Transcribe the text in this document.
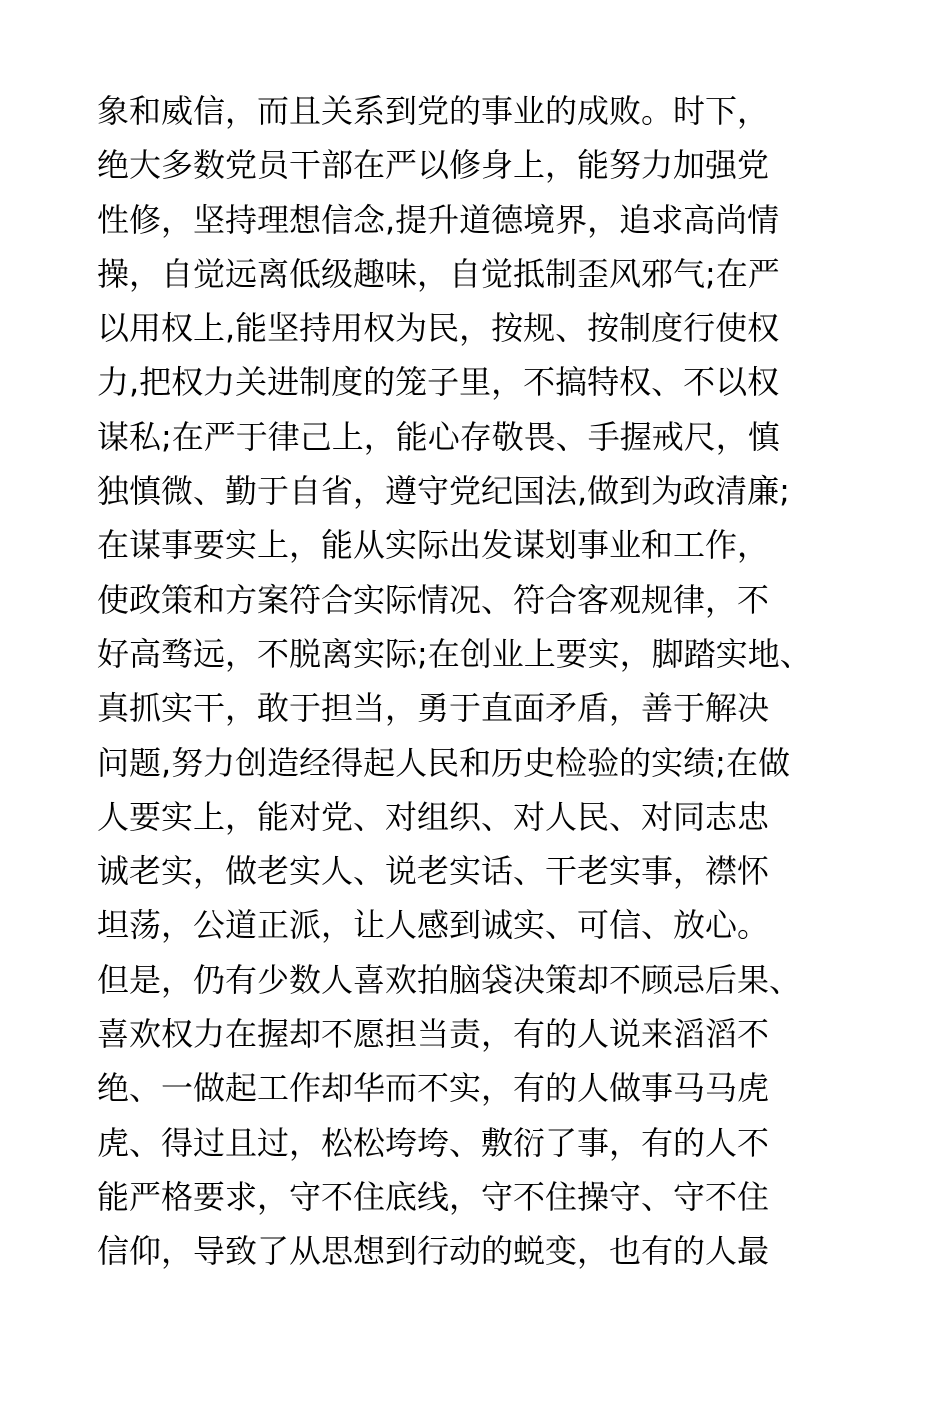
象和威信，而且关系到党的事业的成败。时下，
绝大多数党员干部在严以修身上，能努力加强党
性修，坚持理想信念,提升道德境界，追求高尚情
操，自觉远离低级趣味，自觉抵制歪风邪气;在严
以用权上,能坚持用权为民，按规、按制度行使权
力,把权力关进制度的笼子里，不搞特权、不以权
谋私;在严于律己上，能心存敬畏、手握戒尺，慎
独慎微、勤于自省，遵守党纪国法,做到为政清廉;
在谋事要实上，能从实际出发谋划事业和工作，
使政策和方案符合实际情况、符合客观规律，不
好高骛远，不脱离实际;在创业上要实，脚踏实地、
真抓实干，敢于担当，勇于直面矛盾，善于解决
问题,努力创造经得起人民和历史检验的实绩;在做
人要实上，能对党、对组织、对人民、对同志忠
诚老实，做老实人、说老实话、干老实事，襟怀
坦荡，公道正派，让人感到诚实、可信、放心。
但是，仍有少数人喜欢拍脑袋决策却不顾忌后果、
喜欢权力在握却不愿担当责，有的人说来滔滔不
绝、一做起工作却华而不实，有的人做事马马虎
虎、得过且过，松松垮垮、敷衍了事，有的人不
能严格要求，守不住底线，守不住操守、守不住
信仰，导致了从思想到行动的蜕变，也有的人最
